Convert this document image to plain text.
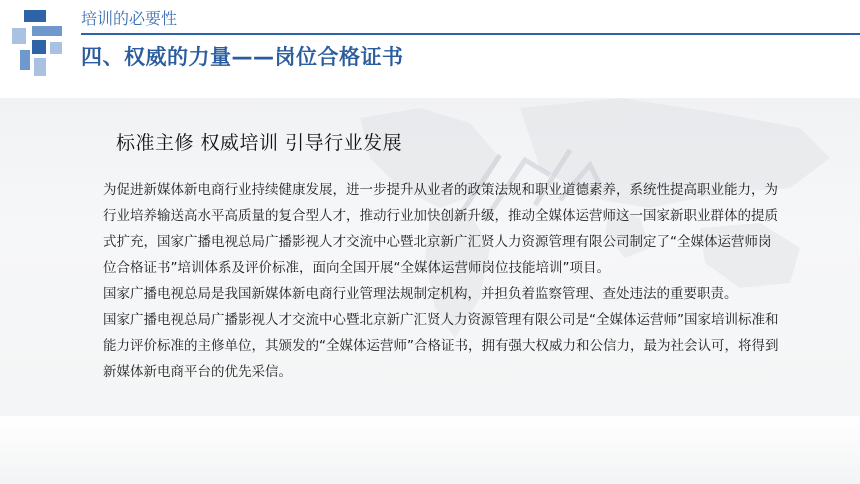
培训的必要性
四、权威的力量——岗位合格证书
标准主修 权威培训 引导行业发展

为促进新媒体新电商行业持续健康发展，进一步提升从业者的政策法规和职业道德素养，系统性提高职业能力，为行业培养输送高水平高质量的复合型人才，推动行业加快创新升级，推动全媒体运营师这一国家新职业群体的提质式扩充，国家广播电视总局广播影视人才交流中心暨北京新广汇贤人力资源管理有限公司制定了“全媒体运营师岗位合格证书”培训体系及评价标准，面向全国开展“全媒体运营师岗位技能培训”项目。

国家广播电视总局是我国新媒体新电商行业管理法规制定机构，并担负着监察管理、查处违法的重要职责。

国家广播电视总局广播影视人才交流中心暨北京新广汇贤人力资源管理有限公司是“全媒体运营师”国家培训标准和能力评价标准的主修单位，其颁发的“全媒体运营师”合格证书，拥有强大权威力和公信力，最为社会认可，将得到新媒体新电商平台的优先采信。
